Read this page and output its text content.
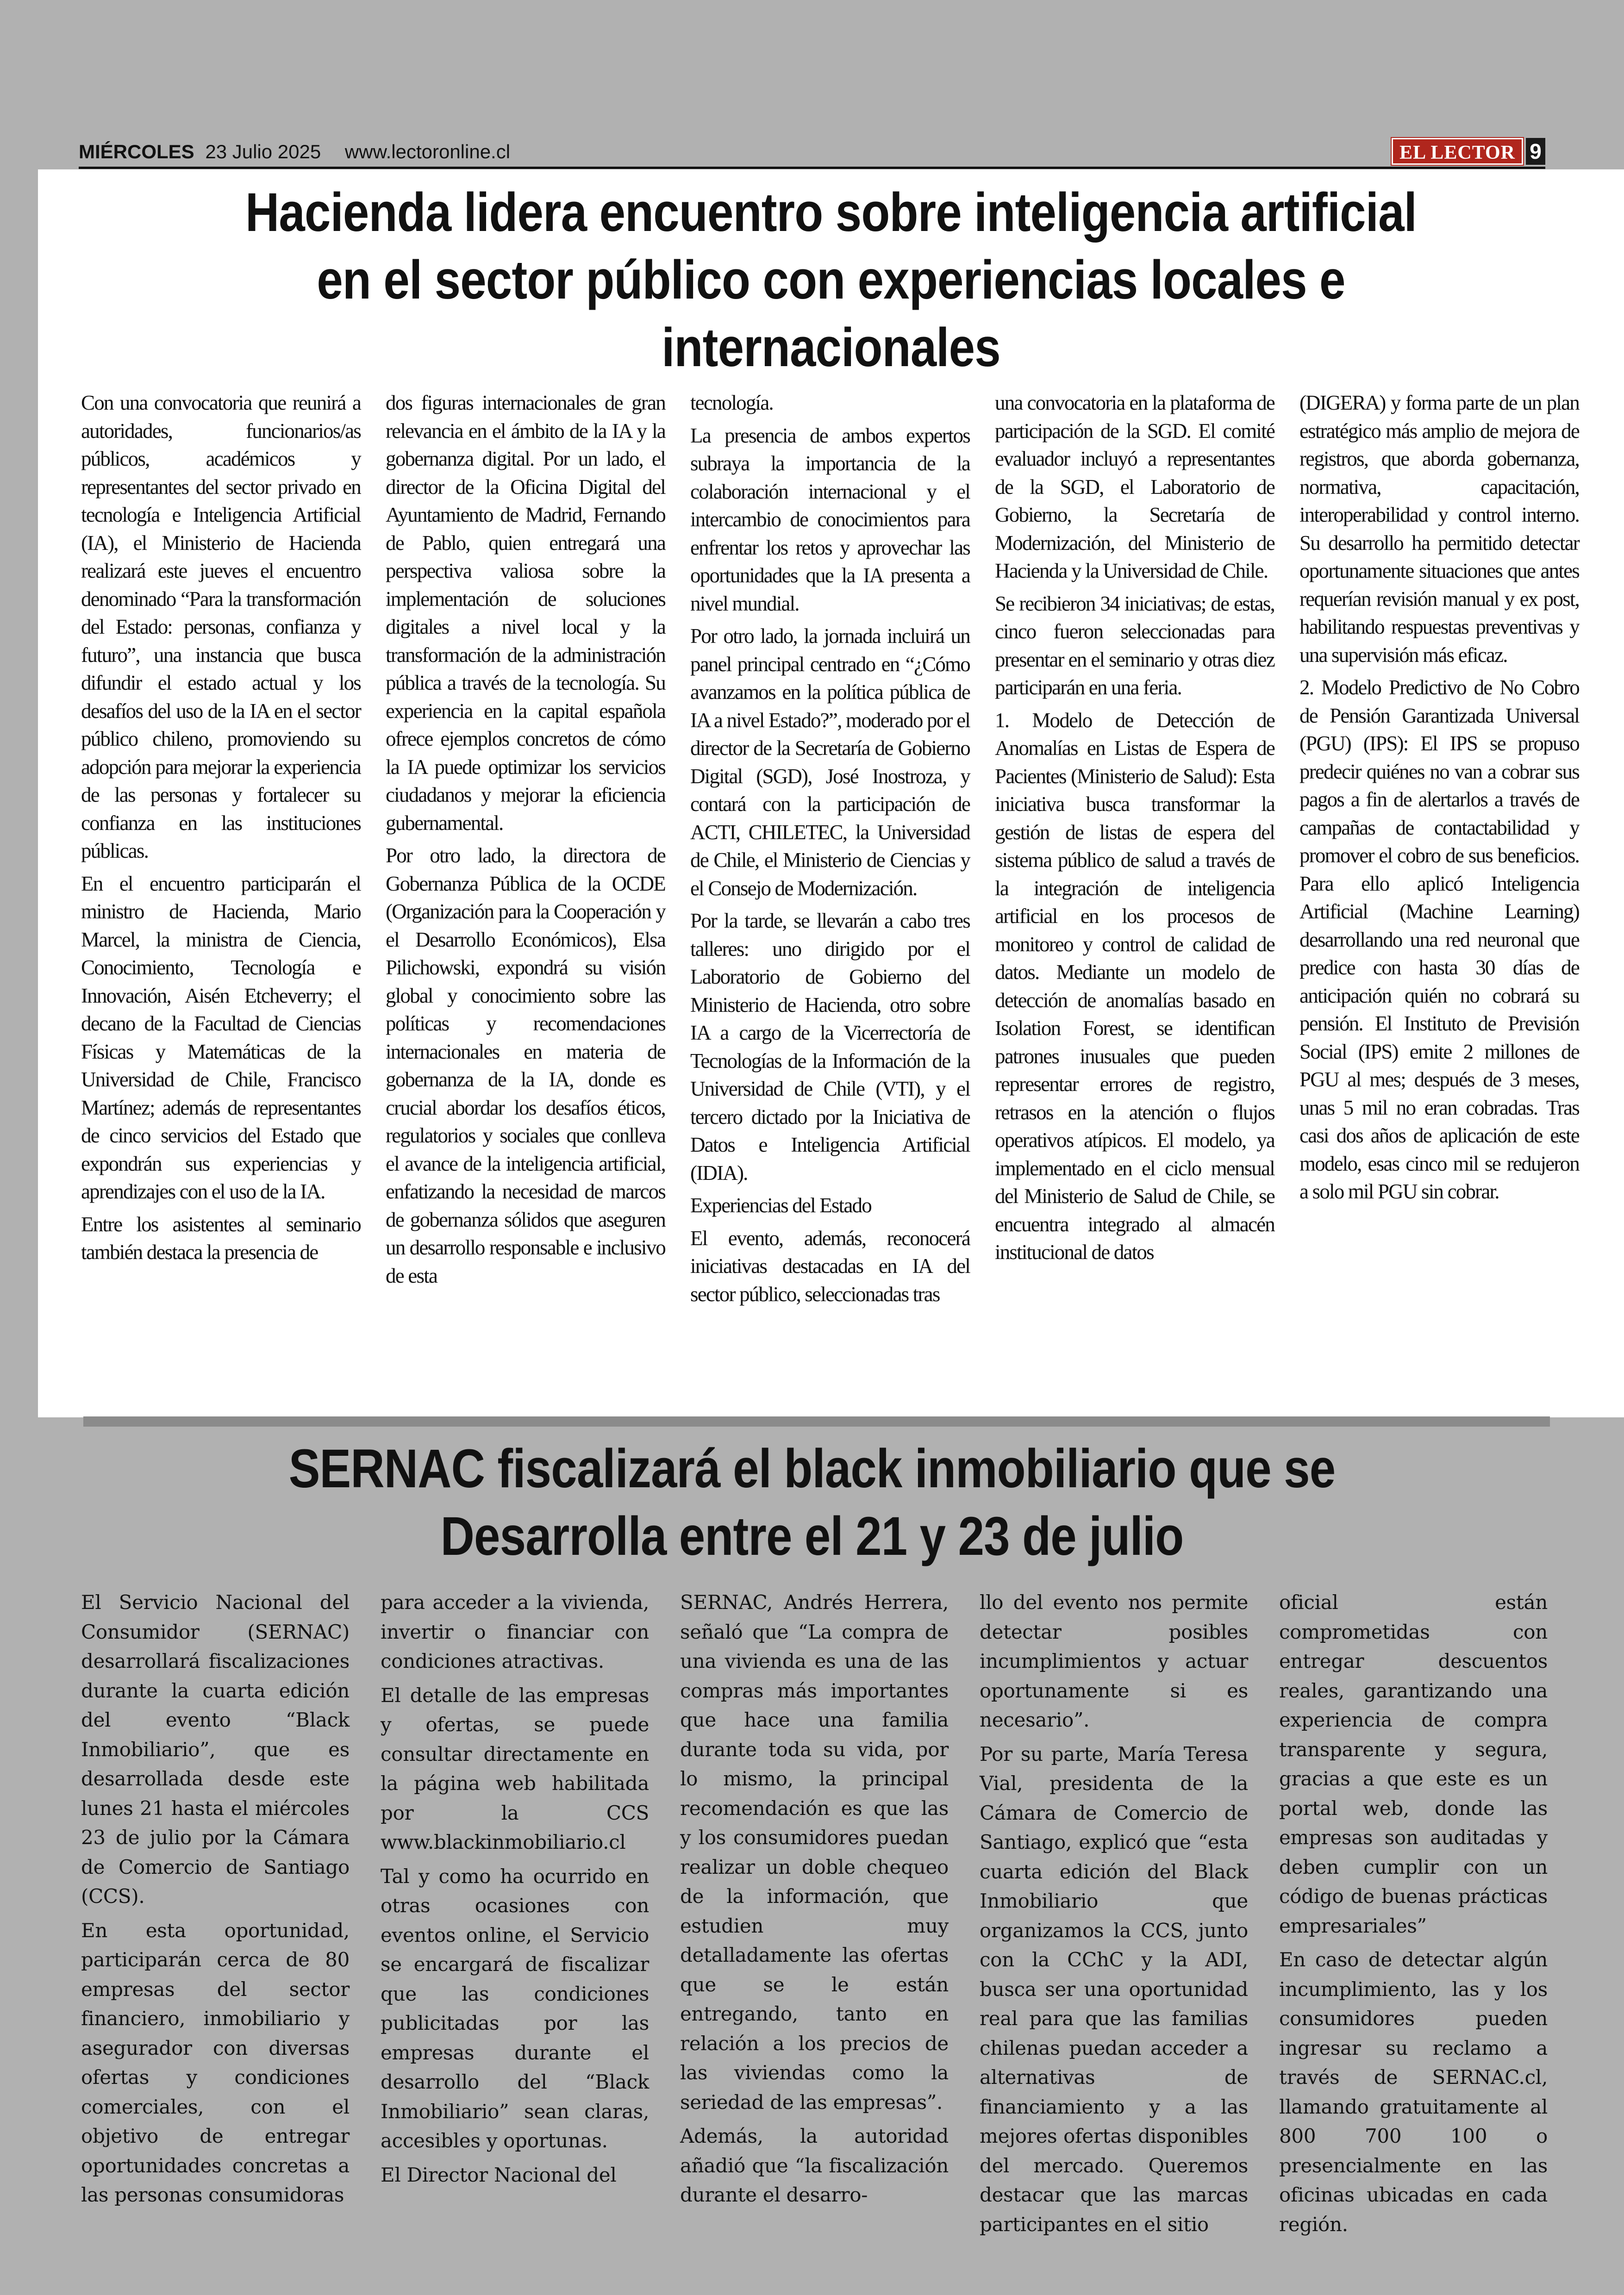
MIÉRCOLES 23 Julio 2025 www.lectoronline.cl	EL LECTOR 9
Hacienda lidera encuentro sobre inteligencia artificial
en el sector público con experiencias locales e
internacionales

Con una convocatoria que reunirá a autoridades, funcionarios/as públicos, académicos y representantes del sector privado en tecnología e Inteligencia Artificial (IA), el Ministerio de Hacienda realizará este jueves el encuentro denominado “Para la transformación del Estado: personas, confianza y futuro”, una instancia que busca difundir el estado actual y los desafíos del uso de la IA en el sector público chileno, promoviendo su adopción para mejorar la experiencia de las personas y fortalecer su confianza en las instituciones públicas.

En el encuentro participarán el ministro de Hacienda, Mario Marcel, la ministra de Ciencia, Conocimiento, Tecnología e Innovación, Aisén Etcheverry; el decano de la Facultad de Ciencias Físicas y Matemáticas de la Universidad de Chile, Francisco Martínez; además de representantes de cinco servicios del Estado que expondrán sus experiencias y aprendizajes con el uso de la IA.

Entre los asistentes al seminario también destaca la presencia de

dos figuras internacionales de gran relevancia en el ámbito de la IA y la gobernanza digital. Por un lado, el director de la Oficina Digital del Ayuntamiento de Madrid, Fernando de Pablo, quien entregará una perspectiva valiosa sobre la implementación de soluciones digitales a nivel local y la transformación de la administración pública a través de la tecnología. Su experiencia en la capital española ofrece ejemplos concretos de cómo la IA puede optimizar los servicios ciudadanos y mejorar la eficiencia gubernamental.

Por otro lado, la directora de Gobernanza Pública de la OCDE (Organización para la Cooperación y el Desarrollo Económicos), Elsa Pilichowski, expondrá su visión global y conocimiento sobre las políticas y recomendaciones internacionales en materia de gobernanza de la IA, donde es crucial abordar los desafíos éticos, regulatorios y sociales que conlleva el avance de la inteligencia artificial, enfatizando la necesidad de marcos de gobernanza sólidos que aseguren un desarrollo responsable e inclusivo de esta

tecnología.

La presencia de ambos expertos subraya la importancia de la colaboración internacional y el intercambio de conocimientos para enfrentar los retos y aprovechar las oportunidades que la IA presenta a nivel mundial.

Por otro lado, la jornada incluirá un panel principal centrado en “¿Cómo avanzamos en la política pública de IA a nivel Estado?”, moderado por el director de la Secretaría de Gobierno Digital (SGD), José Inostroza, y contará con la participación de ACTI, CHILETEC, la Universidad de Chile, el Ministerio de Ciencias y el Consejo de Modernización.

Por la tarde, se llevarán a cabo tres talleres: uno dirigido por el Laboratorio de Gobierno del Ministerio de Hacienda, otro sobre IA a cargo de la Vicerrectoría de Tecnologías de la Información de la Universidad de Chile (VTI), y el tercero dictado por la Iniciativa de Datos e Inteligencia Artificial (IDIA).

Experiencias del Estado

El evento, además, reconocerá iniciativas destacadas en IA del sector público, seleccionadas tras

una convocatoria en la plataforma de participación de la SGD. El comité evaluador incluyó a representantes de la SGD, el Laboratorio de Gobierno, la Secretaría de Modernización, del Ministerio de Hacienda y la Universidad de Chile.

Se recibieron 34 iniciativas; de estas, cinco fueron seleccionadas para presentar en el seminario y otras diez participarán en una feria.

1. Modelo de Detección de Anomalías en Listas de Espera de Pacientes (Ministerio de Salud): Esta iniciativa busca transformar la gestión de listas de espera del sistema público de salud a través de la integración de inteligencia artificial en los procesos de monitoreo y control de calidad de datos. Mediante un modelo de detección de anomalías basado en Isolation Forest, se identifican patrones inusuales que pueden representar errores de registro, retrasos en la atención o flujos operativos atípicos. El modelo, ya implementado en el ciclo mensual del Ministerio de Salud de Chile, se encuentra integrado al almacén institucional de datos

(DIGERA) y forma parte de un plan estratégico más amplio de mejora de registros, que aborda gobernanza, normativa, capacitación, interoperabilidad y control interno. Su desarrollo ha permitido detectar oportunamente situaciones que antes requerían revisión manual y ex post, habilitando respuestas preventivas y una supervisión más eficaz.

2. Modelo Predictivo de No Cobro de Pensión Garantizada Universal (PGU) (IPS): El IPS se propuso predecir quiénes no van a cobrar sus pagos a fin de alertarlos a través de campañas de contactabilidad y promover el cobro de sus beneficios. Para ello aplicó Inteligencia Artificial (Machine Learning) desarrollando una red neuronal que predice con hasta 30 días de anticipación quién no cobrará su pensión. El Instituto de Previsión Social (IPS) emite 2 millones de PGU al mes; después de 3 meses, unas 5 mil no eran cobradas. Tras casi dos años de aplicación de este modelo, esas cinco mil se redujeron a solo mil PGU sin cobrar.

SERNAC fiscalizará el black inmobiliario que se
Desarrolla entre el 21 y 23 de julio

El Servicio Nacional del Consumidor (SERNAC) desarrollará fiscalizaciones durante la cuarta edición del evento “Black Inmobiliario”, que es desarrollada desde este lunes 21 hasta el miércoles 23 de julio por la Cámara de Comercio de Santiago (CCS).

En esta oportunidad, participarán cerca de 80 empresas del sector financiero, inmobiliario y asegurador con diversas ofertas y condiciones comerciales, con el objetivo de entregar oportunidades concretas a las personas consumidoras

para acceder a la vivienda, invertir o financiar con condiciones atractivas.

El detalle de las empresas y ofertas, se puede consultar directamente en la página web habilitada por la CCS www.blackinmobiliario.cl

Tal y como ha ocurrido en otras ocasiones con eventos online, el Servicio se encargará de fiscalizar que las condiciones publicitadas por las empresas durante el desarrollo del “Black Inmobiliario” sean claras, accesibles y oportunas.

El Director Nacional del

SERNAC, Andrés Herrera, señaló que “La compra de una vivienda es una de las compras más importantes que hace una familia durante toda su vida, por lo mismo, la principal recomendación es que las y los consumidores puedan realizar un doble chequeo de la información, que estudien muy detalladamente las ofertas que se le están entregando, tanto en relación a los precios de las viviendas como la seriedad de las empresas”.

Además, la autoridad añadió que “la fiscalización durante el desarro-

llo del evento nos permite detectar posibles incumplimientos y actuar oportunamente si es necesario”.

Por su parte, María Teresa Vial, presidenta de la Cámara de Comercio de Santiago, explicó que “esta cuarta edición del Black Inmobiliario que organizamos la CCS, junto con la CChC y la ADI, busca ser una oportunidad real para que las familias chilenas puedan acceder a alternativas de financiamiento y a las mejores ofertas disponibles del mercado. Queremos destacar que las marcas participantes en el sitio

oficial están comprometidas con entregar descuentos reales, garantizando una experiencia de compra transparente y segura, gracias a que este es un portal web, donde las empresas son auditadas y deben cumplir con un código de buenas prácticas empresariales”

En caso de detectar algún incumplimiento, las y los consumidores pueden ingresar su reclamo a través de SERNAC.cl, llamando gratuitamente al 800 700 100 o presencialmente en las oficinas ubicadas en cada región.
